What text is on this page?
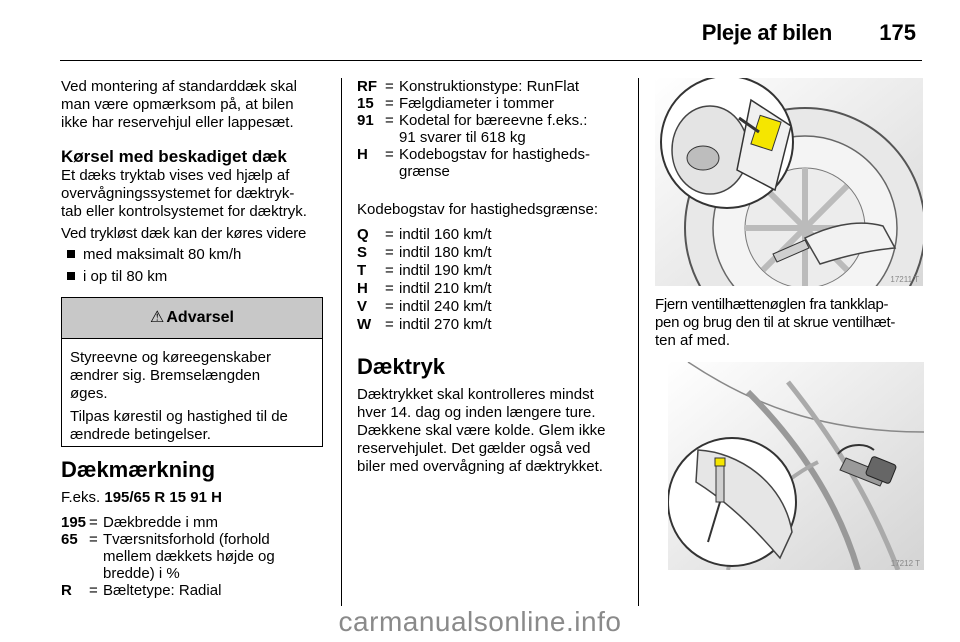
Pleje af bilen 175

Ved montering af standarddæk skal

man være opmærksom på, at bilen

ikke har reservehjul eller lappesæt.

Kørsel med beskadiget dæk

Et dæks tryktab vises ved hjælp af

overvågningssystemet for dæktryk-

tab eller kontrolsystemet for dæktryk.

Ved trykløst dæk kan der køres videre

med maksimalt 80 km/h

i op til 80 km

⚠ Advarsel

Styreevne og køreegenskaber

ændrer sig. Bremselængden

øges.

Tilpas kørestil og hastighed til de

ændrede betingelser.

Dækmærkning

F.eks. 195/65 R 15 91 H

195 = Dækbredde i mm
65 = Tværsnitsforhold (forhold
mellem dækkets højde og
bredde) i %
R	= Bæltetype: Radial
RF = Konstruktionstype: RunFlat
15 = Fælgdiameter i tommer
91 = Kodetal for bæreevne f.eks.:
91 svarer til 618 kg
H	= Kodebogstav for hastigheds-
grænse

Kodebogstav for hastighedsgrænse:

Q	= indtil 160 km/t
S	= indtil 180 km/t
T	= indtil 190 km/t
H	= indtil 210 km/t
V	= indtil 240 km/t
W = indtil 270 km/t

Dæktryk

Dæktrykket skal kontrolleres mindst

hver 14. dag og inden længere ture.

Dækkene skal være kolde. Glem ikke

reservehjulet. Det gælder også ved

biler med overvågning af dæktrykket.

17211 T

Fjern ventilhættenøglen fra tankklap-

pen og brug den til at skrue ventilhæt-

ten af med.

17212 T
carmanualsonline.info
